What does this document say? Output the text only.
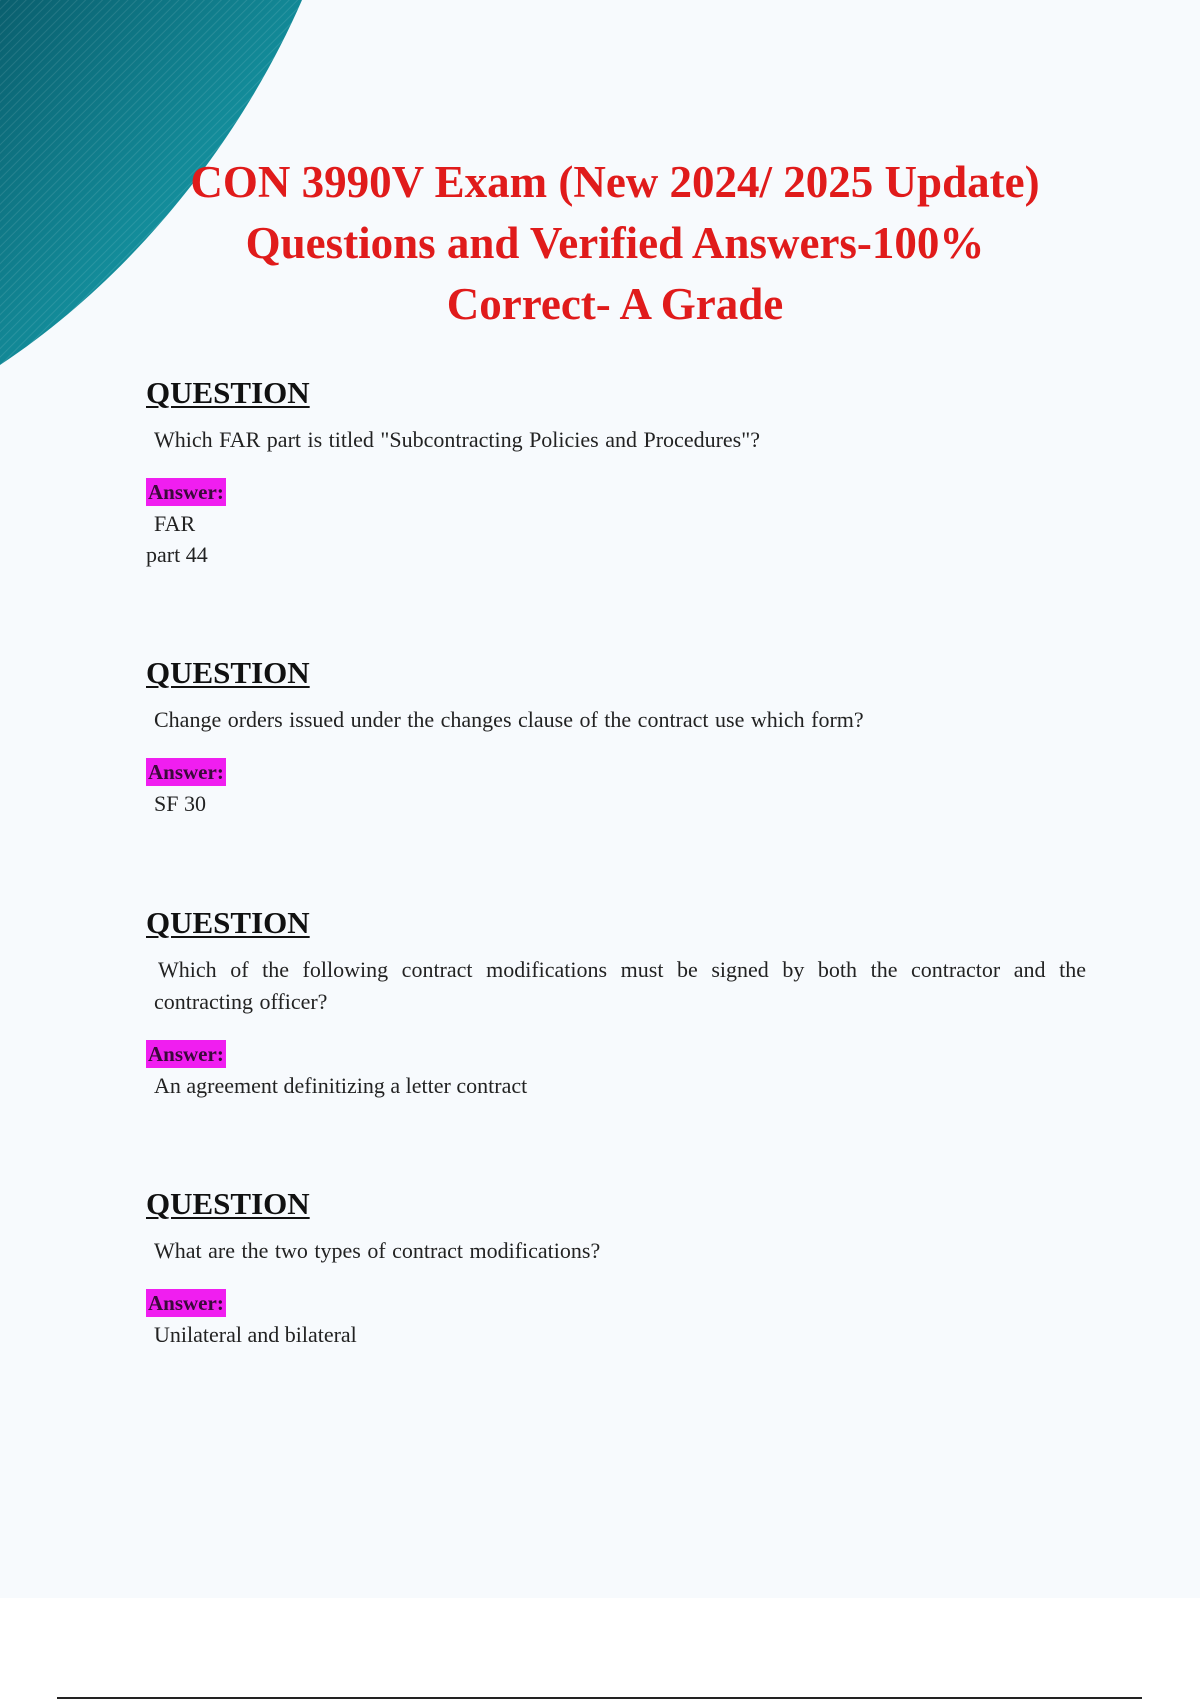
CON 3990V Exam (New 2024/ 2025 Update)
Questions and Verified Answers-100%
Correct- A Grade
QUESTION

Which FAR part is titled "Subcontracting Policies and Procedures"?

Answer:
FAR
part 44
QUESTION

Change orders issued under the changes clause of the contract use which form?

Answer:
SF 30
QUESTION

Which of the following contract modifications must be signed by both the contractor and the contracting officer?

Answer:
An agreement definitizing a letter contract
QUESTION

What are the two types of contract modifications?

Answer:
Unilateral and bilateral
